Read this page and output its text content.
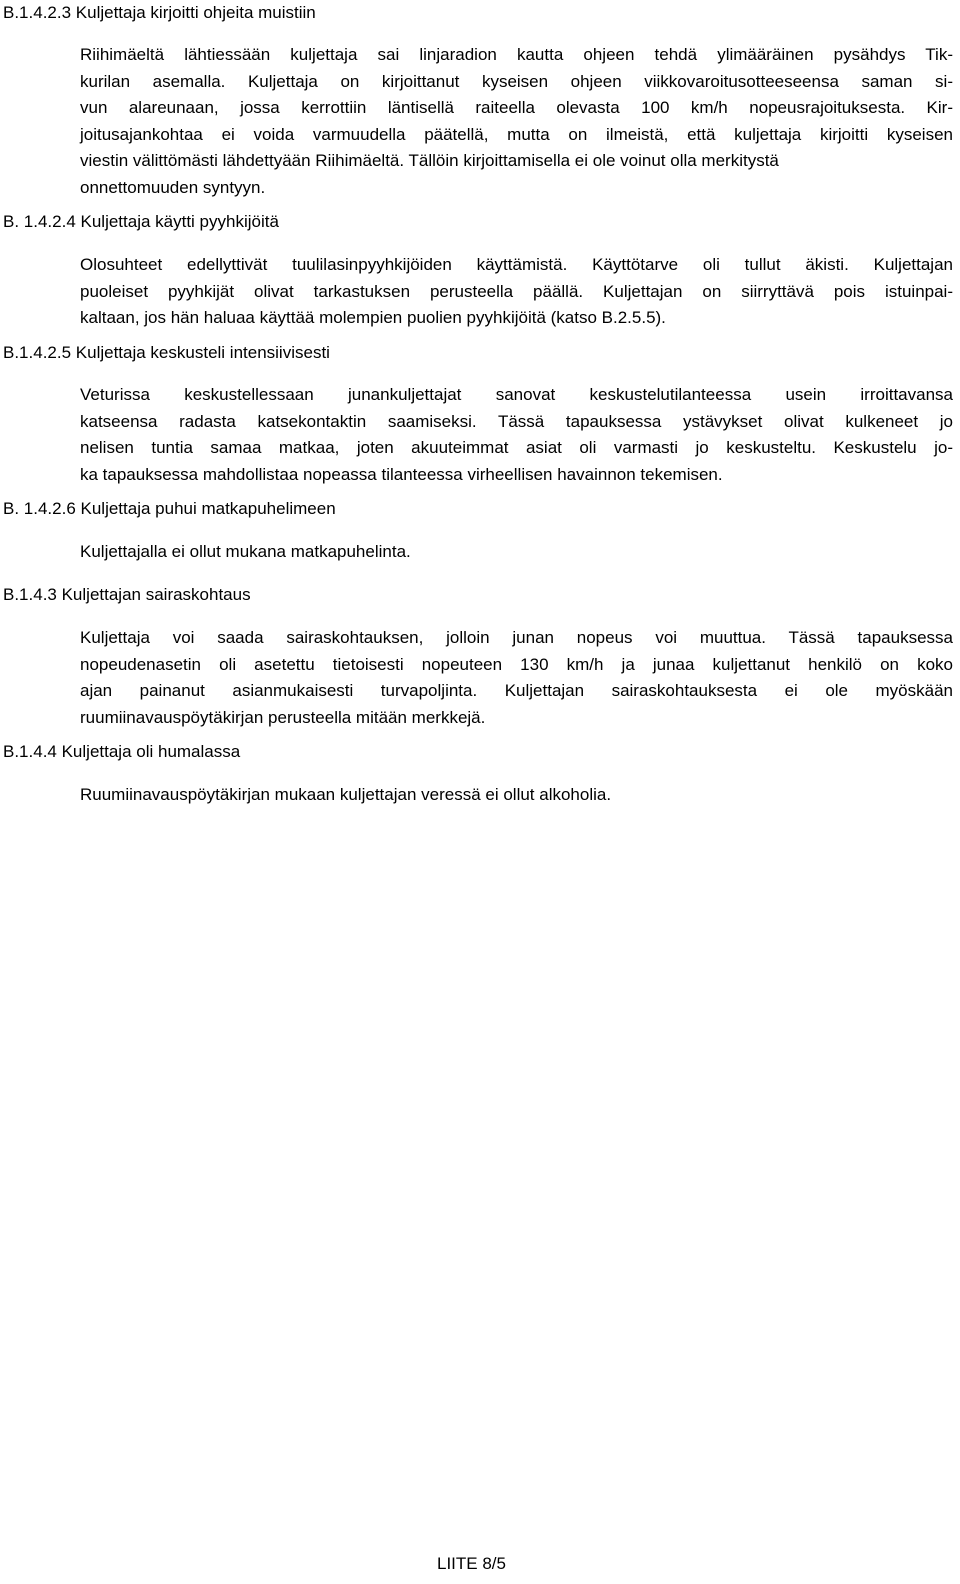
B.1.4.2.3 Kuljettaja kirjoitti ohjeita muistiin
Riihimäeltä lähtiessään kuljettaja sai linjaradion kautta ohjeen tehdä ylimääräinen pysähdys Tik-
kurilan asemalla. Kuljettaja on kirjoittanut kyseisen ohjeen viikkovaroitusotteeseensa saman si-
vun alareunaan, jossa kerrottiin läntisellä raiteella olevasta 100 km/h nopeusrajoituksesta. Kir-
joitusajankohtaa ei voida varmuudella päätellä, mutta on ilmeistä, että kuljettaja kirjoitti kyseisen
viestin välittömästi lähdettyään Riihimäeltä. Tällöin kirjoittamisella ei ole voinut olla merkitystä
onnettomuuden syntyyn.
B. 1.4.2.4 Kuljettaja käytti pyyhkijöitä
Olosuhteet edellyttivät tuulilasinpyyhkijöiden käyttämistä. Käyttötarve oli tullut äkisti. Kuljettajan
puoleiset pyyhkijät olivat tarkastuksen perusteella päällä. Kuljettajan on siirryttävä pois istuinpai-
kaltaan, jos hän haluaa käyttää molempien puolien pyyhkijöitä (katso B.2.5.5).
B.1.4.2.5 Kuljettaja keskusteli intensiivisesti
Veturissa keskustellessaan junankuljettajat sanovat keskustelutilanteessa usein irroittavansa
katseensa radasta katsekontaktin saamiseksi. Tässä tapauksessa ystävykset olivat kulkeneet jo
nelisen tuntia samaa matkaa, joten akuuteimmat asiat oli varmasti jo keskusteltu. Keskustelu jo-
ka tapauksessa mahdollistaa nopeassa tilanteessa virheellisen havainnon tekemisen.
B. 1.4.2.6 Kuljettaja puhui matkapuhelimeen
Kuljettajalla ei ollut mukana matkapuhelinta.
B.1.4.3 Kuljettajan sairaskohtaus
Kuljettaja voi saada sairaskohtauksen, jolloin junan nopeus voi muuttua. Tässä tapauksessa
nopeudenasetin oli asetettu tietoisesti nopeuteen 130 km/h ja junaa kuljettanut henkilö on koko
ajan painanut asianmukaisesti turvapoljinta. Kuljettajan sairaskohtauksesta ei ole myöskään
ruumiinavauspöytäkirjan perusteella mitään merkkejä.
B.1.4.4 Kuljettaja oli humalassa
Ruumiinavauspöytäkirjan mukaan kuljettajan veressä ei ollut alkoholia.
LIITE 8/5
